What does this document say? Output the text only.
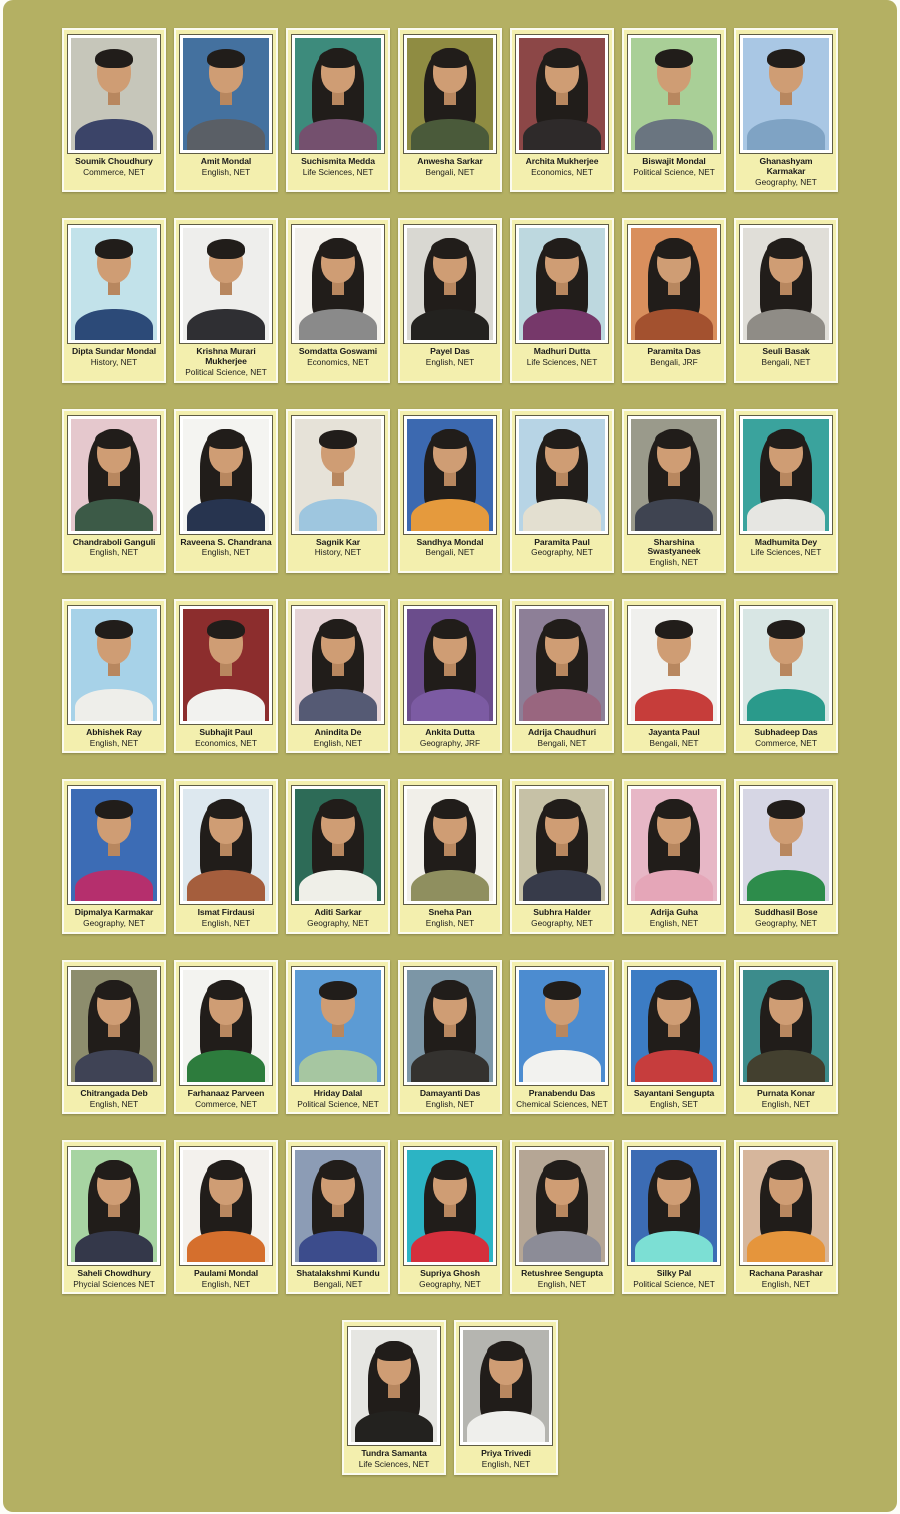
Soumik Choudhury
Commerce, NET
Amit Mondal
English, NET
Suchismita Medda
Life Sciences, NET
Anwesha Sarkar
Bengali, NET
Archita Mukherjee
Economics, NET
Biswajit Mondal
Political Science, NET
Ghanashyam Karmakar
Geography, NET
Dipta Sundar Mondal
History, NET
Krishna Murari Mukherjee
Political Science, NET
Somdatta Goswami
Economics, NET
Payel Das
English, NET
Madhuri Dutta
Life Sciences, NET
Paramita Das
Bengali, JRF
Seuli Basak
Bengali, NET
Chandraboli Ganguli
English, NET
Raveena S. Chandrana
English, NET
Sagnik Kar
History, NET
Sandhya Mondal
Bengali, NET
Paramita Paul
Geography, NET
Sharshina Swastyaneek
English, NET
Madhumita Dey
Life Sciences, NET
Abhishek Ray
English, NET
Subhajit Paul
Economics, NET
Anindita De
English, NET
Ankita Dutta
Geography, JRF
Adrija Chaudhuri
Bengali, NET
Jayanta Paul
Bengali, NET
Subhadeep Das
Commerce, NET
Dipmalya Karmakar
Geography, NET
Ismat Firdausi
English, NET
Aditi Sarkar
Geography, NET
Sneha Pan
English, NET
Subhra Halder
Geography, NET
Adrija Guha
English, NET
Suddhasil Bose
Geography, NET
Chitrangada Deb
English, NET
Farhanaaz Parveen
Commerce, NET
Hriday Dalal
Political Science, NET
Damayanti Das
English, NET
Pranabendu Das
Chemical Sciences, NET
Sayantani Sengupta
English, SET
Purnata Konar
English, NET
Saheli Chowdhury
Phycial Sciences NET
Paulami Mondal
English, NET
Shatalakshmi Kundu
Bengali, NET
Supriya Ghosh
Geography, NET
Retushree Sengupta
English, NET
Silky Pal
Political Science, NET
Rachana Parashar
English, NET
Tundra Samanta
Life Sciences, NET
Priya Trivedi
English, NET
